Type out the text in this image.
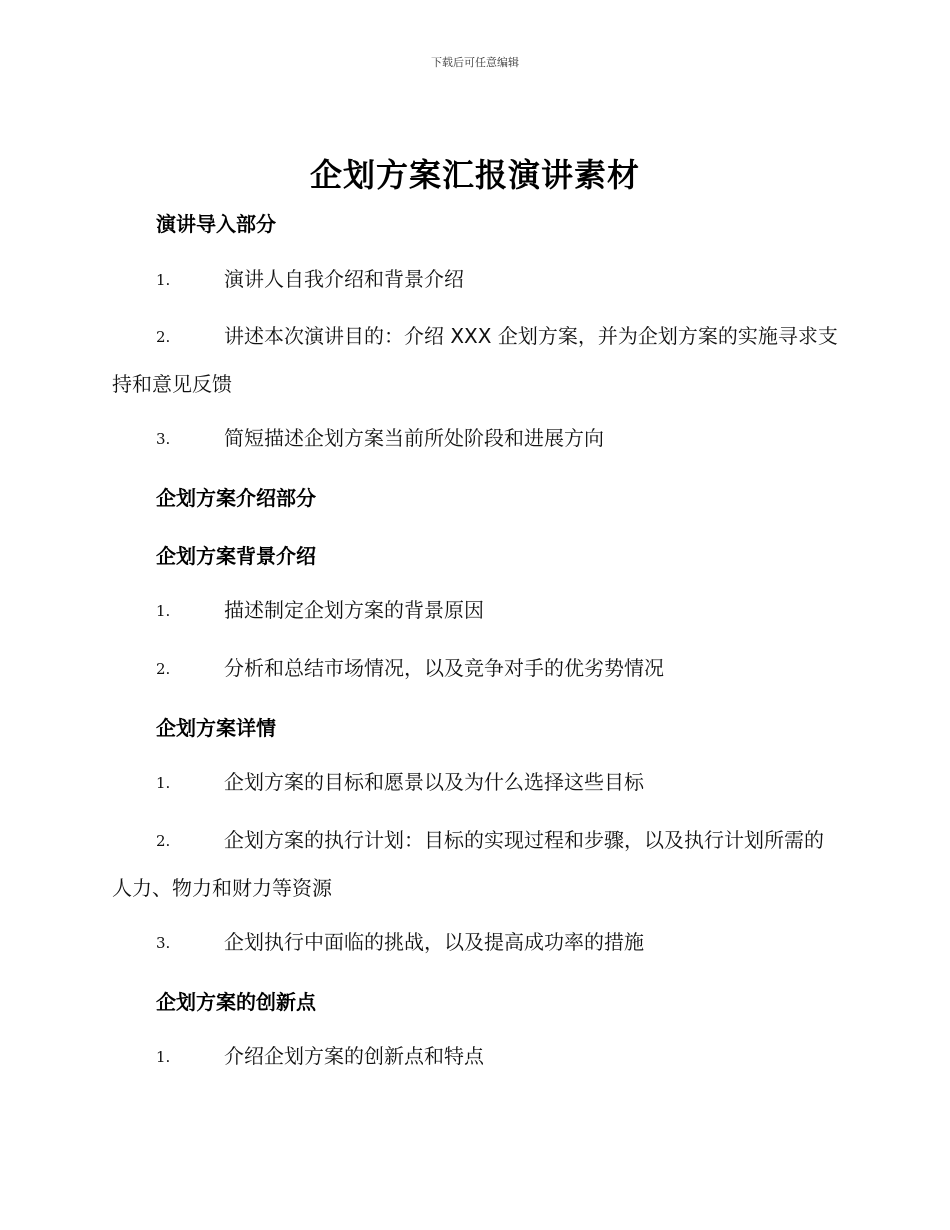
下载后可任意编辑
企划方案汇报演讲素材
演讲导入部分
1.	演讲人自我介绍和背景介绍
2.	讲述本次演讲目的：介绍 XXX 企划方案，并为企划方案的实施寻求支持和意见反馈
3.	简短描述企划方案当前所处阶段和进展方向
企划方案介绍部分
企划方案背景介绍
1.	描述制定企划方案的背景原因
2.	分析和总结市场情况，以及竞争对手的优劣势情况
企划方案详情
1.	企划方案的目标和愿景以及为什么选择这些目标
2.	企划方案的执行计划：目标的实现过程和步骤，以及执行计划所需的人力、物力和财力等资源
3.	企划执行中面临的挑战，以及提高成功率的措施
企划方案的创新点
1.	介绍企划方案的创新点和特点
